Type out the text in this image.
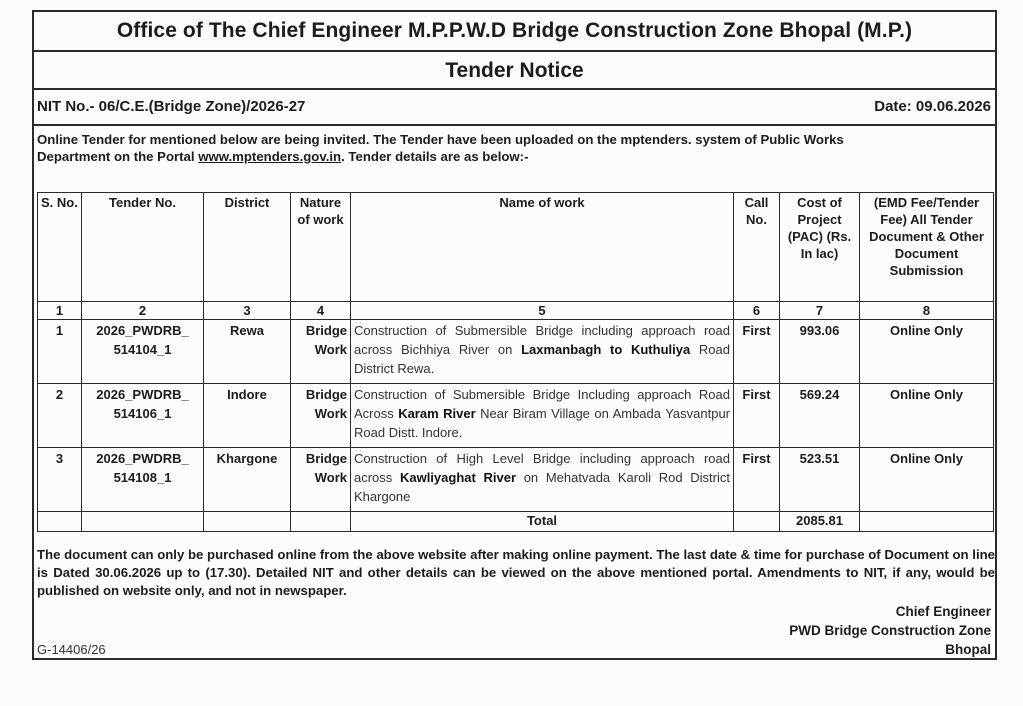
Office of The Chief Engineer M.P.P.W.D Bridge Construction Zone Bhopal (M.P.)
Tender Notice
NIT No.- 06/C.E.(Bridge Zone)/2026-27	Date: 09.06.2026
Online Tender for mentioned below are being invited. The Tender have been uploaded on the mptenders. system of Public Works
Department on the Portal www.mptenders.gov.in. Tender details are as below:-
S. No.	Tender No.	District	Nature of work	Name of work	Call No.	Cost of Project (PAC) (Rs. In lac)	(EMD Fee/Tender Fee) All Tender Document & Other Document Submission
1	2	3	4	5	6	7	8
1	2026_PWDRB_ 514104_1	Rewa	Bridge Work	Construction of Submersible Bridge including approach road across Bichhiya River on Laxmanbagh to Kuthuliya Road District Rewa.	First	993.06	Online Only
2	2026_PWDRB_ 514106_1	Indore	Bridge Work	Construction of Submersible Bridge Including approach Road Across Karam River Near Biram Village on Ambada Yasvantpur Road Distt. Indore.	First	569.24	Online Only
3	2026_PWDRB_ 514108_1	Khargone	Bridge Work	Construction of High Level Bridge including approach road across Kawliyaghat River on Mehatvada Karoli Rod District Khargone	First	523.51	Online Only
				Total		2085.81	
The document can only be purchased online from the above website after making online payment. The last date & time for purchase of Document on line is Dated 30.06.2026 up to (17.30). Detailed NIT and other details can be viewed on the above mentioned portal. Amendments to NIT, if any, would be published on website only, and not in newspaper.
Chief Engineer
PWD Bridge Construction Zone
Bhopal
G-14406/26
